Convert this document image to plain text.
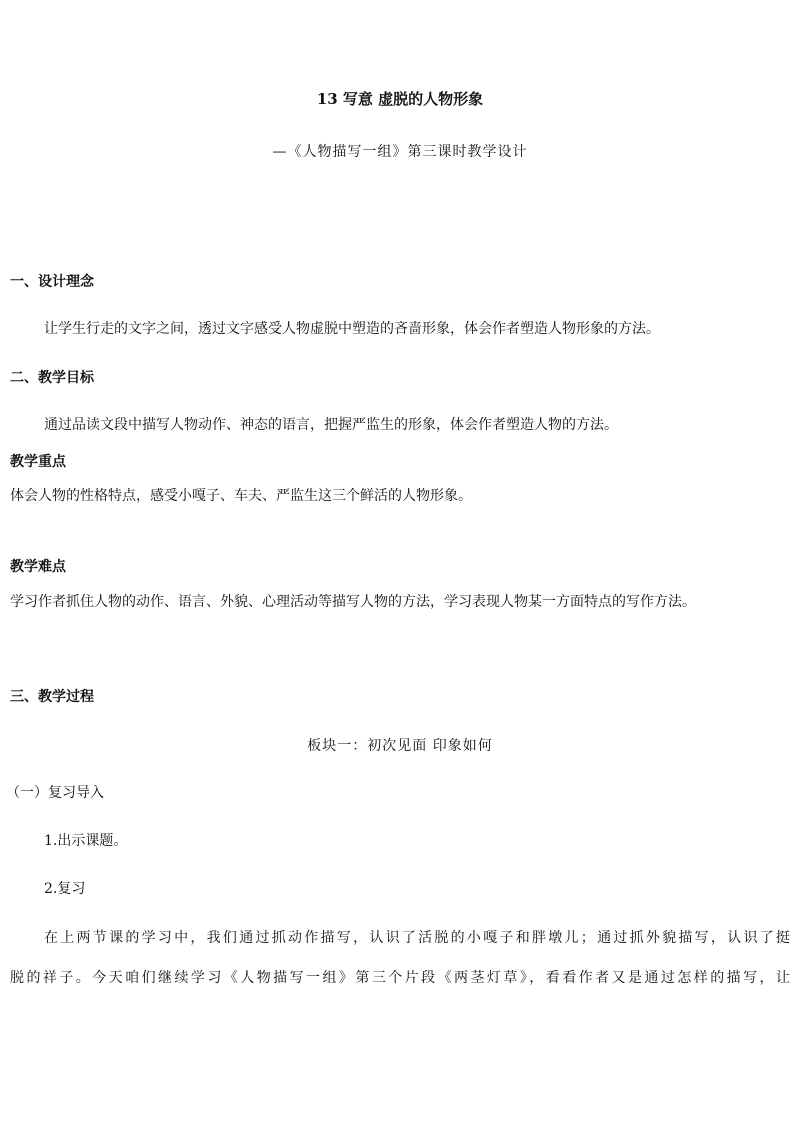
13 写意 虚脱的人物形象
—《人物描写一组》第三课时教学设计
一、设计理念
让学生行走的文字之间，透过文字感受人物虚脱中塑造的吝啬形象，体会作者塑造人物形象的方法。
二、教学目标
通过品读文段中描写人物动作、神态的语言，把握严监生的形象，体会作者塑造人物的方法。
教学重点
体会人物的性格特点，感受小嘎子、车夫、严监生这三个鲜活的人物形象。
教学难点
学习作者抓住人物的动作、语言、外貌、心理活动等描写人物的方法，学习表现人物某一方面特点的写作方法。
三、教学过程
板块一：初次见面 印象如何
（一）复习导入
1.出示课题。
2.复习
在上两节课的学习中，我们通过抓动作描写，认识了活脱的小嘎子和胖墩儿；通过抓外貌描写，认识了挺
脱的祥子。今天咱们继续学习《人物描写一组》第三个片段《两茎灯草》，看看作者又是通过怎样的描写，让
